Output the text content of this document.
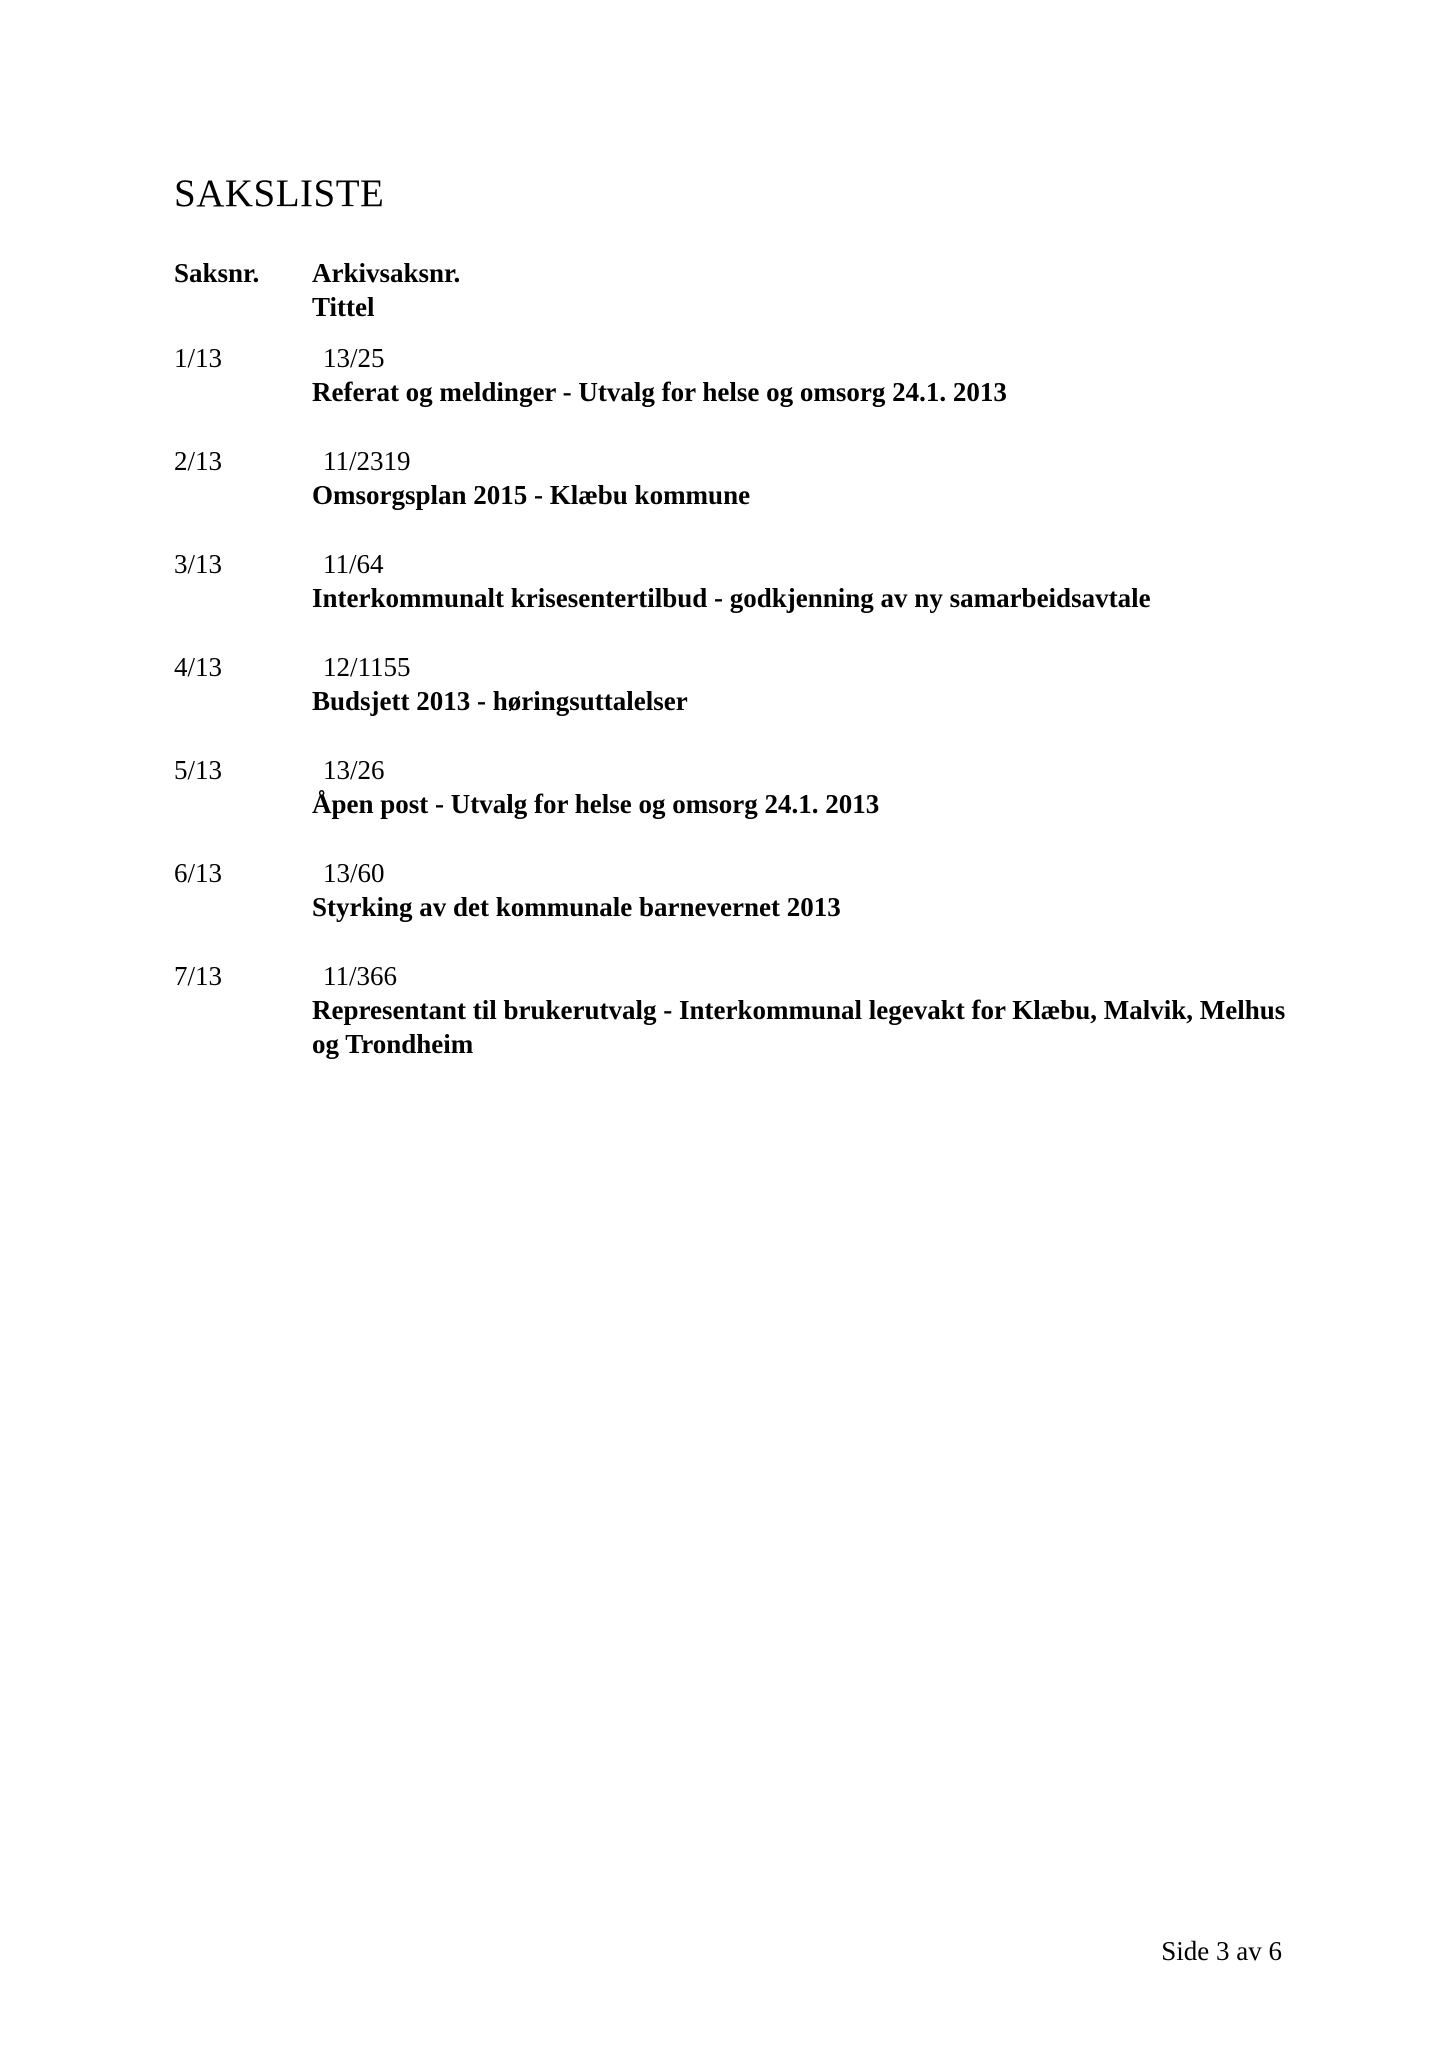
SAKSLISTE
Saksnr. Arkivsaksnr.
Tittel
1/13	13/25
Referat og meldinger - Utvalg for helse og omsorg 24.1. 2013
2/13	11/2319
Omsorgsplan 2015 - Klæbu kommune
3/13	11/64
Interkommunalt krisesentertilbud - godkjenning av ny samarbeidsavtale
4/13	12/1155
Budsjett 2013 - høringsuttalelser
5/13	13/26
Åpen post - Utvalg for helse og omsorg 24.1. 2013
6/13	13/60
Styrking av det kommunale barnevernet 2013
7/13	11/366
Representant til brukerutvalg - Interkommunal legevakt for Klæbu, Malvik, Melhus og Trondheim
Side 3 av 6
